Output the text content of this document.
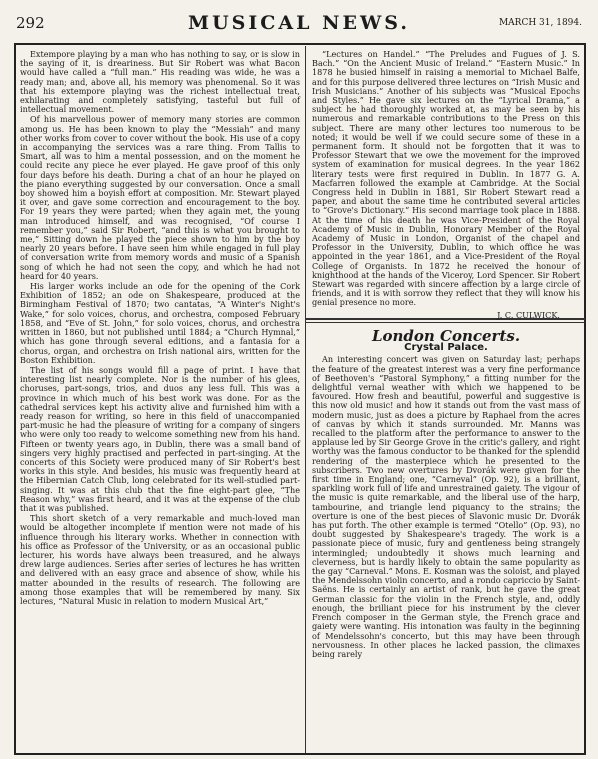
292	MUSICAL NEWS.	MARCH 31, 1894.

Extempore playing by a man who has nothing to say, or is slow in the saying of it, is dreariness. But Sir Robert was what Bacon would have called a “full man.” His reading was wide, he was a ready man; and, above all, his memory was phenomenal. So it was that his extempore playing was the richest intellectual treat, exhilarating and completely satisfying, tasteful but full of intellectual movement.

Of his marvellous power of memory many stories are common among us. He has been known to play the “Messiah” and many other works from cover to cover without the book. His use of a copy in accompanying the services was a rare thing. From Tallis to Smart, all was to him a mental possession, and on the moment he could recite any piece he ever played. He gave proof of this only four days before his death. During a chat of an hour he played on the piano everything suggested by our conversation. Once a small boy showed him a boyish effort at composition. Mr. Stewart played it over, and gave some correction and encouragement to the boy. For 19 years they were parted; when they again met, the young man introduced himself, and was recognised, “Of course I remember you,” said Sir Robert, “and this is what you brought to me,” Sitting down he played the piece shown to him by the boy nearly 20 years before. I have seen him while engaged in full play of conversation write from memory words and music of a Spanish song of which he had not seen the copy, and which he had not heard for 40 years.

His larger works include an ode for the opening of the Cork Exhibition of 1852; an ode on Shakespeare, produced at the Birmingham Festival of 1870; two cantatas, “A Winter's Night's Wake,” for solo voices, chorus, and orchestra, composed February 1858, and “Eve of St. John,” for solo voices, chorus, and orchestra written in 1860, but not published until 1884; a “Church Hymnal,” which has gone through several editions, and a fantasia for a chorus, organ, and orchestra on Irish national airs, written for the Boston Exhibition.

The list of his songs would fill a page of print. I have that interesting list nearly complete. Nor is the number of his glees, choruses, part-songs, trios, and duos any less full. This was a province in which much of his best work was done. For as the cathedral services kept his activity alive and furnished him with a ready reason for writing, so here in this field of unaccompanied part-music he had the pleasure of writing for a company of singers who were only too ready to welcome something new from his hand. Fifteen or twenty years ago, in Dublin, there was a small band of singers very highly practised and perfected in part-singing. At the concerts of this Society were produced many of Sir Robert's best works in this style. And besides, his music was frequently heard at the Hibernian Catch Club, long celebrated for its well-studied part-singing. It was at this club that the fine eight-part glee, “The Reason why,” was first heard, and it was at the expense of the club that it was published.

This short sketch of a very remarkable and much-loved man would be altogether incomplete if mention were not made of his influence through his literary works. Whether in connection with his office as Professor of the University, or as an occasional public lecturer, his words have always been treasured, and he always drew large audiences. Series after series of lectures he has written and delivered with an easy grace and absence of show, while his matter abounded in the results of research. The following are among those examples that will be remembered by many. Six lectures, “Natural Music in relation to modern Musical Art,”

“Lectures on Handel.” “The Preludes and Fugues of J. S. Bach.” “On the Ancient Music of Ireland.” “Eastern Music.” In 1878 he busied himself in raising a memorial to Michael Balfe, and for this purpose delivered three lectures on “Irish Music and Irish Musicians.” Another of his subjects was “Musical Epochs and Styles.” He gave six lectures on the “Lyrical Drama,” a subject he had thoroughly worked at, as may be seen by his numerous and remarkable contributions to the Press on this subject. There are many other lectures too numerous to be noted; it would be well if we could secure some of these in a permanent form. It should not be forgotten that it was to Professor Stewart that we owe the movement for the improved system of examination for musical degrees. In the year 1862 literary tests were first required in Dublin. In 1877 G. A. Macfarren followed the example at Cambridge. At the Social Congress held in Dublin in 1881, Sir Robert Stewart read a paper, and about the same time he contributed several articles to “Grove's Dictionary.” His second marriage took place in 1888. At the time of his death he was Vice-President of the Royal Academy of Music in Dublin, Honorary Member of the Royal Academy of Music in London, Organist of the chapel and Professor in the University, Dublin, to which office he was appointed in the year 1861, and a Vice-President of the Royal College of Organists. In 1872 he received the honour of knighthood at the hands of the Viceroy, Lord Spencer. Sir Robert Stewart was regarded with sincere affection by a large circle of friends, and it is with sorrow they reflect that they will know his genial presence no more.

J. C. CULWICK.

London Concerts.

Crystal Palace.

An interesting concert was given on Saturday last; perhaps the feature of the greatest interest was a very fine performance of Beethoven's “Pastoral Symphony,” a fitting number for the delightful vernal weather with which we happened to be favoured. How fresh and beautiful, powerful and suggestive is this now old music! and how it stands out from the vast mass of modern music, just as does a picture by Raphael from the acres of canvas by which it stands surrounded. Mr. Manns was recalled to the platform after the performance to answer to the applause led by Sir George Grove in the critic's gallery, and right worthy was the famous conductor to be thanked for the splendid rendering of the masterpiece which he presented to the subscribers. Two new overtures by Dvorák were given for the first time in England; one, “Carneval” (Op. 92), is a brilliant, sparkling work full of life and unrestrained gaiety. The vigour of the music is quite remarkable, and the liberal use of the harp, tambourine, and triangle lend piquancy to the strains; the overture is one of the best pieces of Slavonic music Dr. Dvorák has put forth. The other example is termed “Otello” (Op. 93), no doubt suggested by Shakespeare's tragedy. The work is a passionate piece of music, fury and gentleness being strangely intermingled; undoubtedly it shows much learning and cleverness, but is hardly likely to obtain the same popularity as the gay “Carneval.” Mons. E. Kosman was the soloist, and played the Mendelssohn violin concerto, and a rondo capriccio by Saint-Saëns. He is certainly an artist of rank, but he gave the great German classic for the violin in the French style, and, oddly enough, the brilliant piece for his instrument by the clever French composer in the German style, the French grace and gaiety were wanting. His intonation was faulty in the beginning of Mendelssohn's concerto, but this may have been through nervousness. In other places he lacked passion, the climaxes being rarely
